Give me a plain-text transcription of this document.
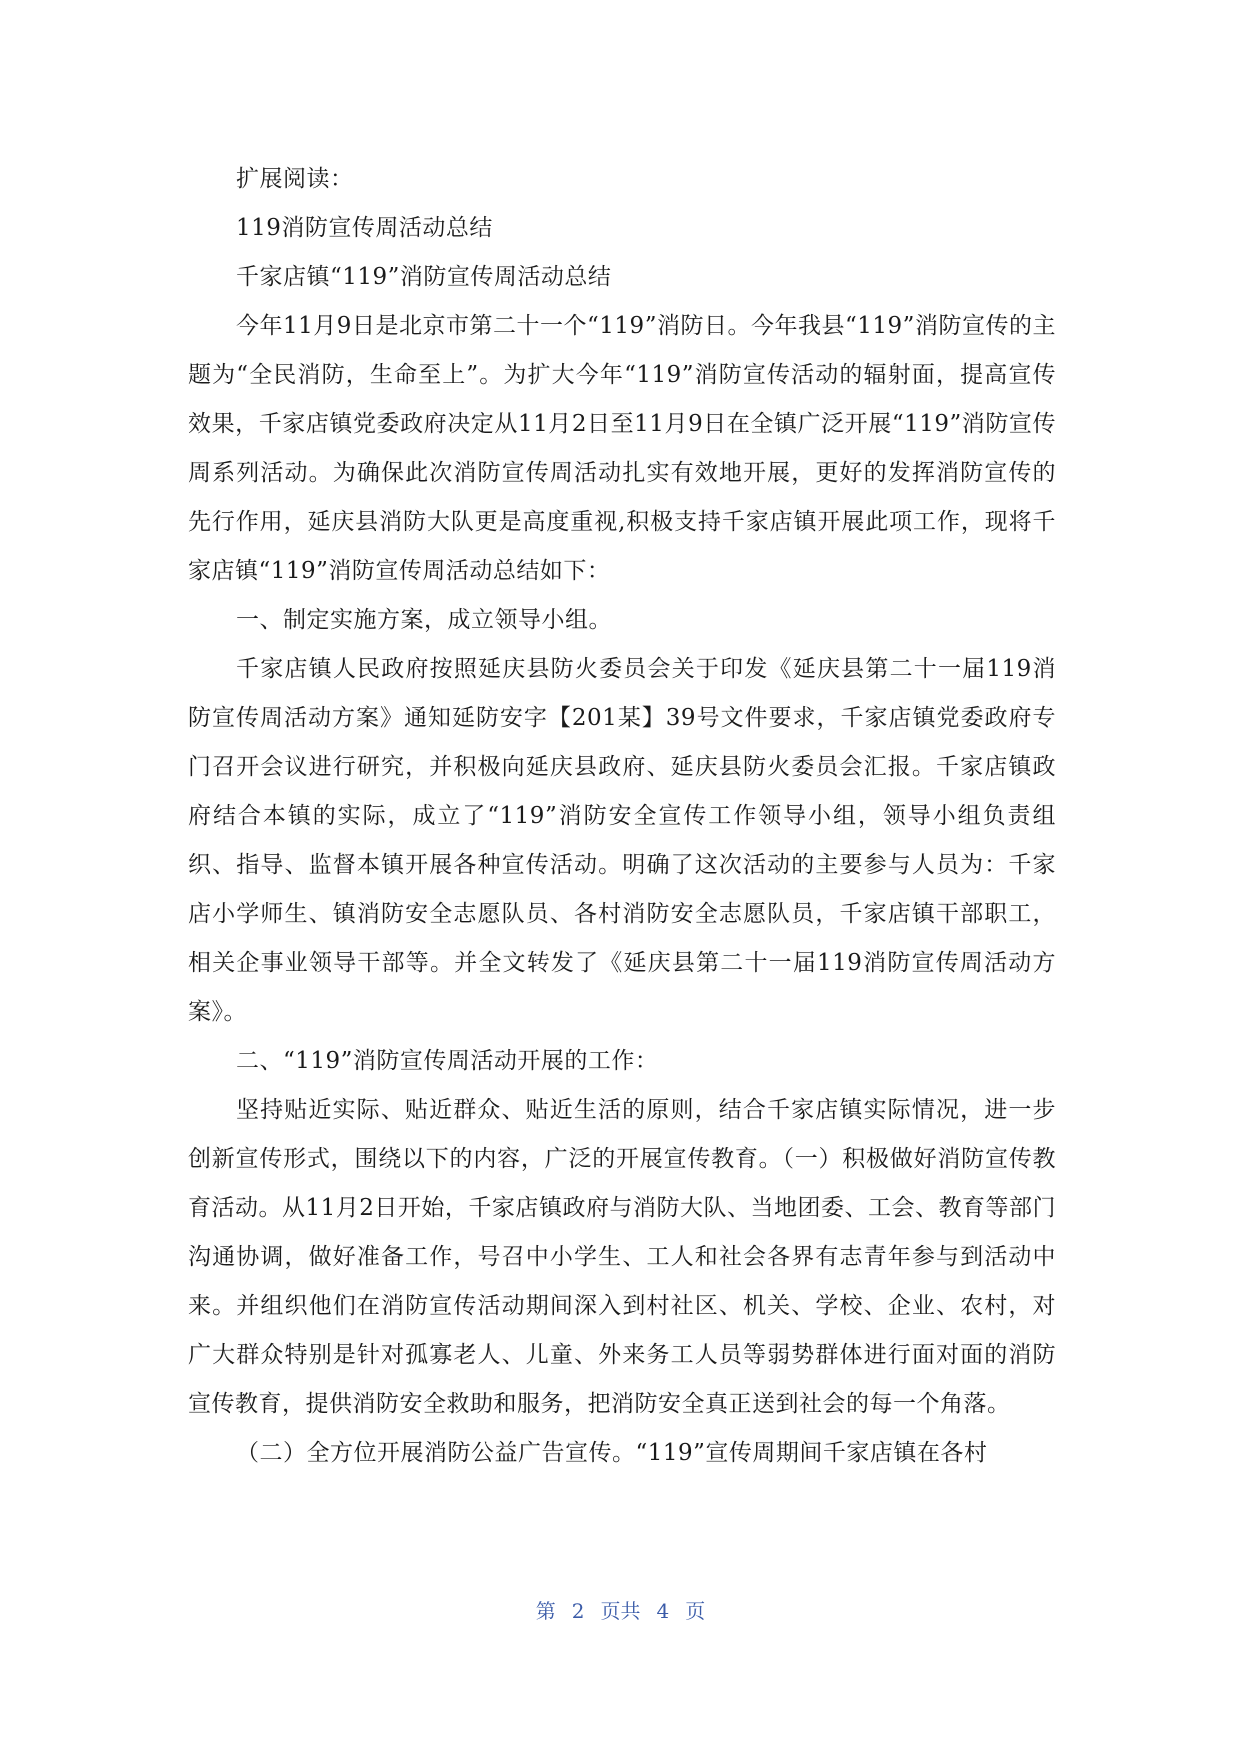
扩展阅读：

119消防宣传周活动总结

千家店镇“119”消防宣传周活动总结

今年11月9日是北京市第二十一个“119”消防日。今年我县“119”消防宣传的主题为“全民消防，生命至上”。为扩大今年“119”消防宣传活动的辐射面，提高宣传效果，千家店镇党委政府决定从11月2日至11月9日在全镇广泛开展“119”消防宣传周系列活动。为确保此次消防宣传周活动扎实有效地开展，更好的发挥消防宣传的先行作用，延庆县消防大队更是高度重视,积极支持千家店镇开展此项工作，现将千家店镇“119”消防宣传周活动总结如下：

一、制定实施方案，成立领导小组。

千家店镇人民政府按照延庆县防火委员会关于印发《延庆县第二十一届119消防宣传周活动方案》通知延防安字【201某】39号文件要求，千家店镇党委政府专门召开会议进行研究，并积极向延庆县政府、延庆县防火委员会汇报。千家店镇政府结合本镇的实际，成立了“119”消防安全宣传工作领导小组，领导小组负责组织、指导、监督本镇开展各种宣传活动。明确了这次活动的主要参与人员为：千家店小学师生、镇消防安全志愿队员、各村消防安全志愿队员，千家店镇干部职工，相关企事业领导干部等。并全文转发了《延庆县第二十一届119消防宣传周活动方案》。

二、“119”消防宣传周活动开展的工作：

坚持贴近实际、贴近群众、贴近生活的原则，结合千家店镇实际情况，进一步创新宣传形式，围绕以下的内容，广泛的开展宣传教育。（一）积极做好消防宣传教育活动。从11月2日开始，千家店镇政府与消防大队、当地团委、工会、教育等部门沟通协调，做好准备工作，号召中小学生、工人和社会各界有志青年参与到活动中来。并组织他们在消防宣传活动期间深入到村社区、机关、学校、企业、农村，对广大群众特别是针对孤寡老人、儿童、外来务工人员等弱势群体进行面对面的消防宣传教育，提供消防安全救助和服务，把消防安全真正送到社会的每一个角落。

（二）全方位开展消防公益广告宣传。“119”宣传周期间千家店镇在各村

第 2 页共 4 页
